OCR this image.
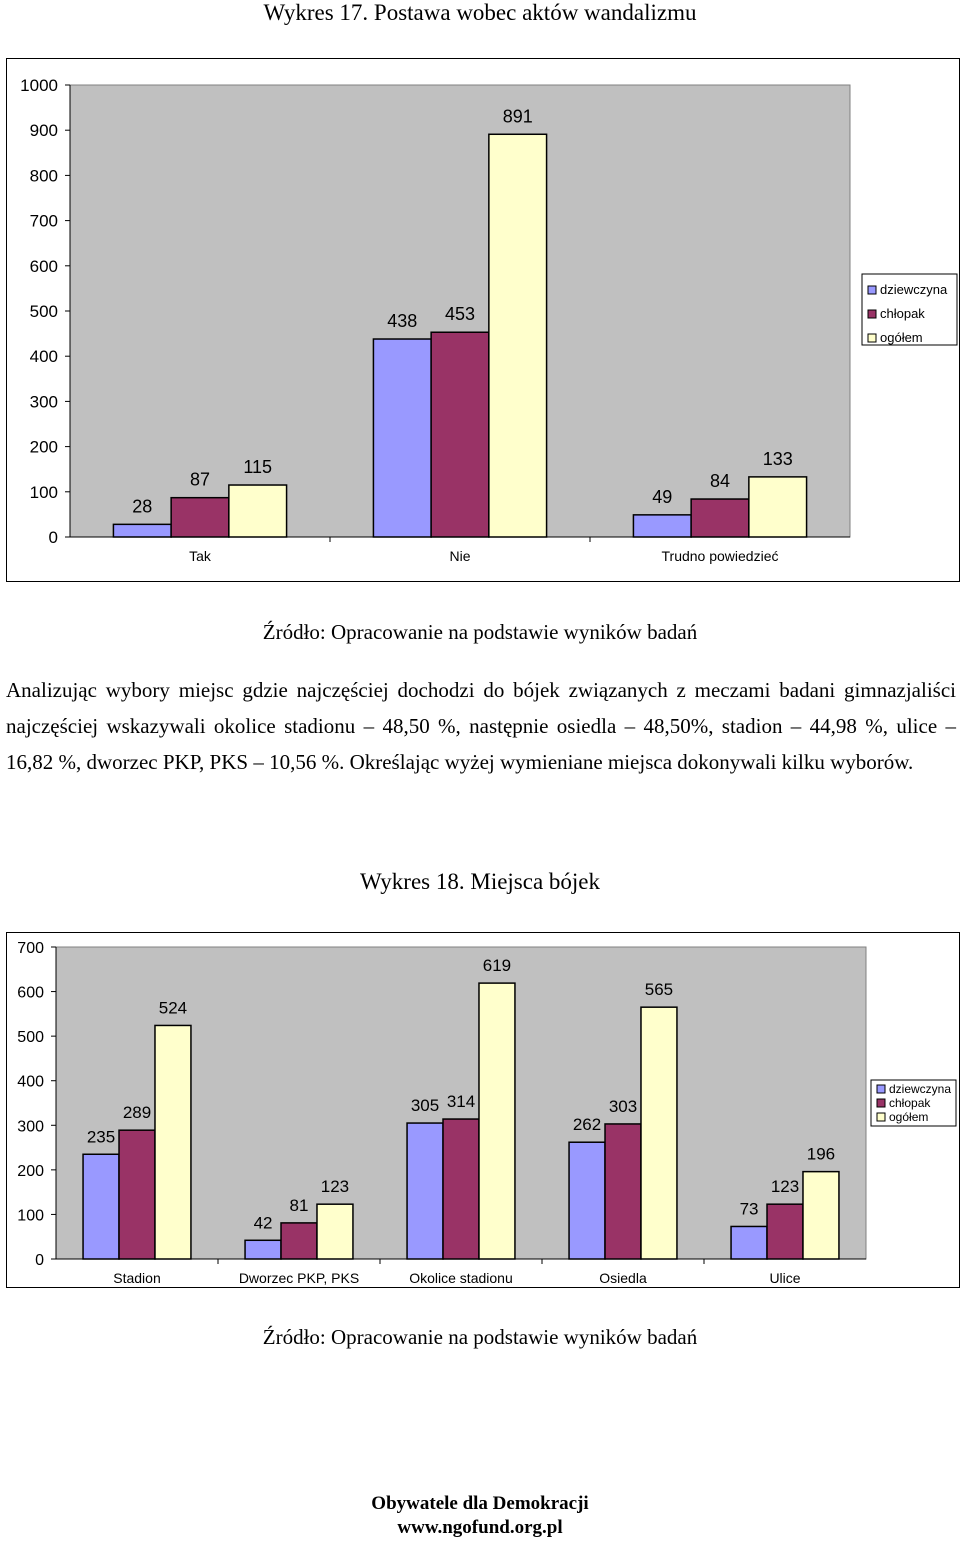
Wykres 17. Postawa wobec aktów wandalizmu
0
100
200
300
400
500
600
700
800
900
1000
Tak
28
87
115
Nie
438 453
891
Trudno powiedzieć
49
84
133
dziewczyna
chłopak
ogółem
Źródło: Opracowanie na podstawie wyników badań
Analizując wybory miejsc gdzie najczęściej dochodzi do bójek związanych z meczami badani gimnazjaliści najczęściej wskazywali okolice stadionu – 48,50 %, następnie osiedla – 48,50%, stadion – 44,98 %, ulice – 16,82 %, dworzec PKP, PKS – 10,56 %. Określając wyżej wymieniane miejsca dokonywali kilku wyborów.
Wykres 18. Miejsca bójek
0
100
200
300
400
500
600
700
Stadion
235
289
524
Dworzec PKP, PKS
42
81
123
Okolice stadionu
305 314
619
Osiedla
262
303
565
Ulice
73
123
196
dziewczyna
chłopak
ogółem
Źródło: Opracowanie na podstawie wyników badań
Obywatele dla Demokracji
www.ngofund.org.pl
